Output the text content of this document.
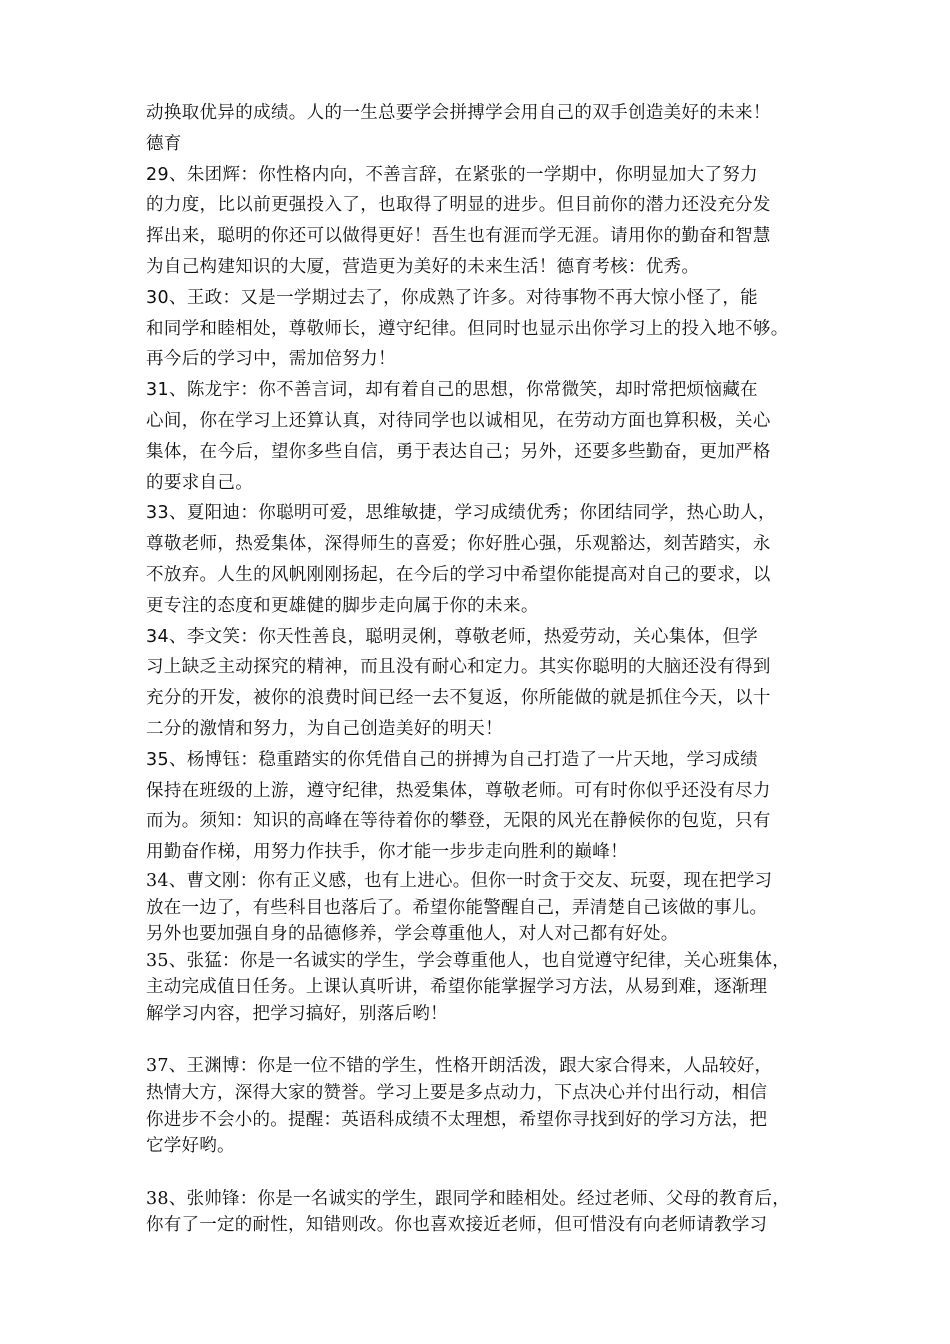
动换取优异的成绩。人的一生总要学会拼搏学会用自己的双手创造美好的未来！
德育

29、朱团辉：你性格内向，不善言辞，在紧张的一学期中，你明显加大了努力
的力度，比以前更强投入了，也取得了明显的进步。但目前你的潜力还没充分发
挥出来，聪明的你还可以做得更好！吾生也有涯而学无涯。请用你的勤奋和智慧
为自己构建知识的大厦，营造更为美好的未来生活！德育考核：优秀。

30、王政：又是一学期过去了，你成熟了许多。对待事物不再大惊小怪了，能
和同学和睦相处，尊敬师长，遵守纪律。但同时也显示出你学习上的投入地不够。
再今后的学习中，需加倍努力！

31、陈龙宇：你不善言词，却有着自己的思想，你常微笑，却时常把烦恼藏在
心间，你在学习上还算认真，对待同学也以诚相见，在劳动方面也算积极，关心
集体，在今后，望你多些自信，勇于表达自己；另外，还要多些勤奋，更加严格
的要求自己。

33、夏阳迪：你聪明可爱，思维敏捷，学习成绩优秀；你团结同学，热心助人，
尊敬老师，热爱集体，深得师生的喜爱；你好胜心强，乐观豁达，刻苦踏实，永
不放弃。人生的风帆刚刚扬起，在今后的学习中希望你能提高对自己的要求，以
更专注的态度和更雄健的脚步走向属于你的未来。

34、李文笑：你天性善良，聪明灵俐，尊敬老师，热爱劳动，关心集体，但学
习上缺乏主动探究的精神，而且没有耐心和定力。其实你聪明的大脑还没有得到
充分的开发，被你的浪费时间已经一去不复返，你所能做的就是抓住今天，以十
二分的激情和努力，为自己创造美好的明天！

35、杨博钰：稳重踏实的你凭借自己的拼搏为自己打造了一片天地，学习成绩
保持在班级的上游，遵守纪律，热爱集体，尊敬老师。可有时你似乎还没有尽力
而为。须知：知识的高峰在等待着你的攀登，无限的风光在静候你的包览，只有
用勤奋作梯，用努力作扶手，你才能一步步走向胜利的巅峰！

34、曹文刚：你有正义感，也有上进心。但你一时贪于交友、玩耍，现在把学习
放在一边了，有些科目也落后了。希望你能警醒自己，弄清楚自己该做的事儿。
另外也要加强自身的品德修养，学会尊重他人，对人对己都有好处。

35、张猛：你是一名诚实的学生，学会尊重他人，也自觉遵守纪律，关心班集体，
主动完成值日任务。上课认真听讲，希望你能掌握学习方法，从易到难，逐渐理
解学习内容，把学习搞好，别落后哟！

37、王渊博：你是一位不错的学生，性格开朗活泼，跟大家合得来，人品较好，
热情大方，深得大家的赞誉。学习上要是多点动力，下点决心并付出行动，相信
你进步不会小的。提醒：英语科成绩不太理想，希望你寻找到好的学习方法，把
它学好哟。

38、张帅锋：你是一名诚实的学生，跟同学和睦相处。经过老师、父母的教育后，
你有了一定的耐性，知错则改。你也喜欢接近老师，但可惜没有向老师请教学习
